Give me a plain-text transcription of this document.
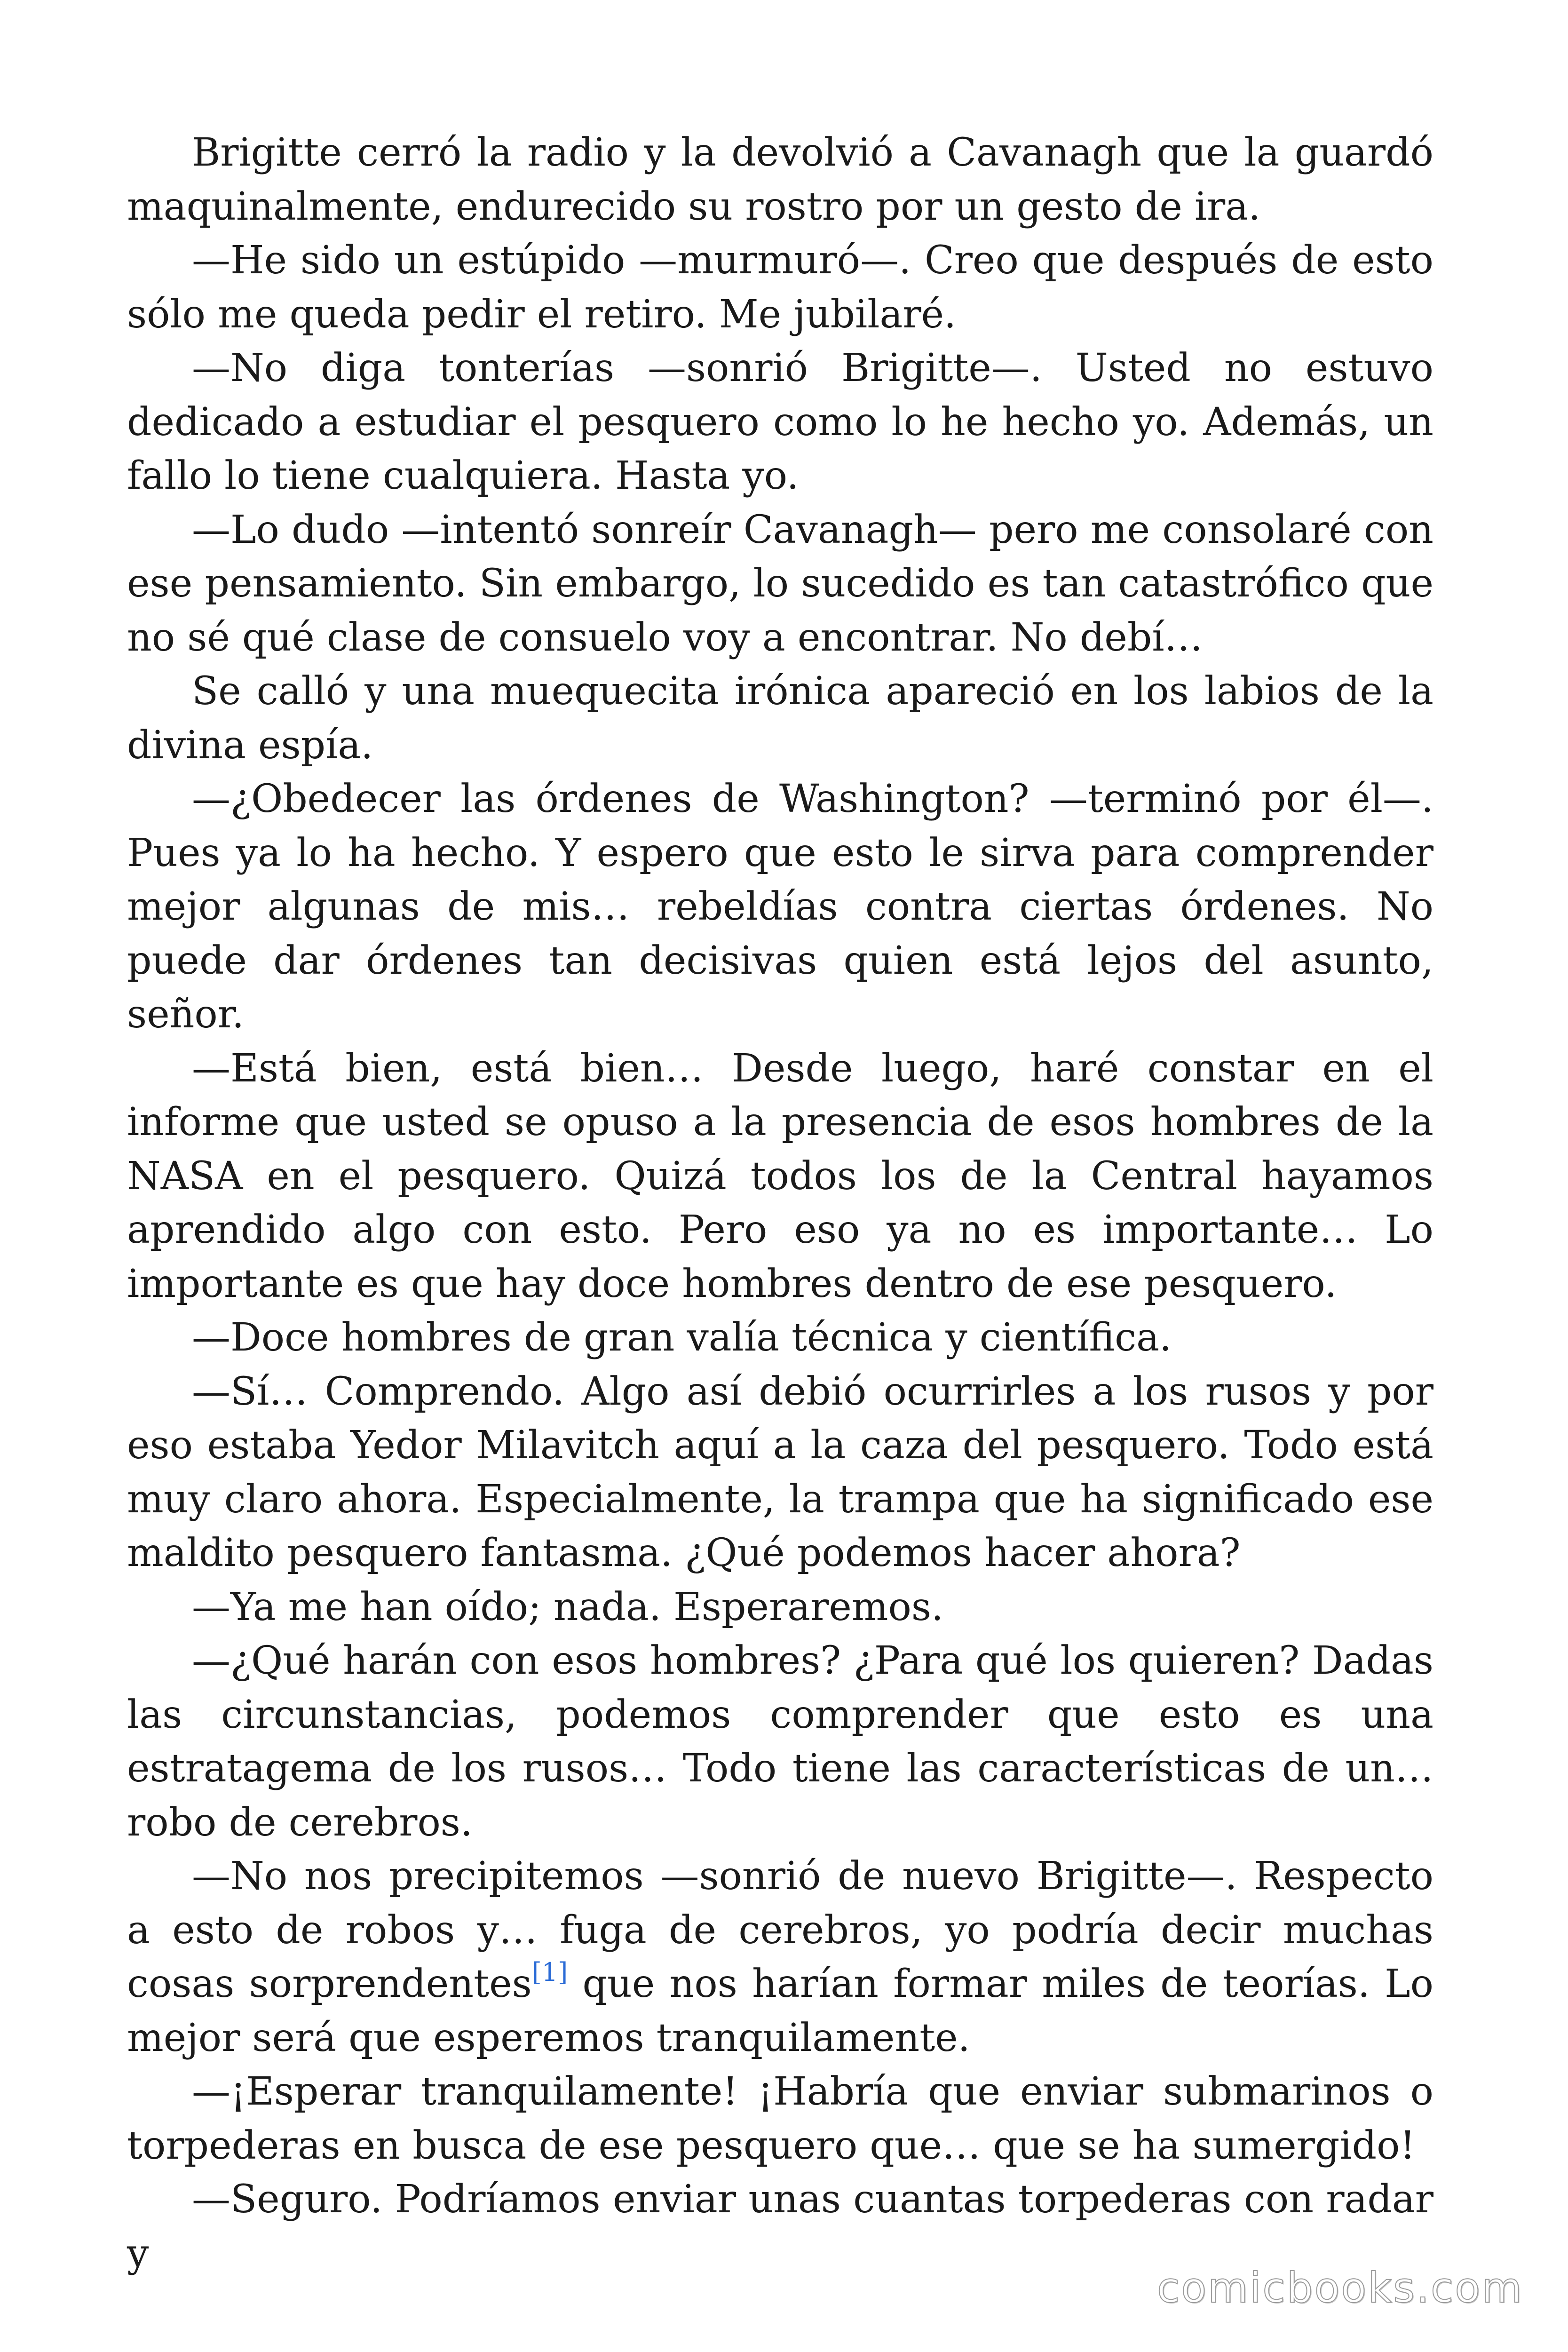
Brigitte cerró la radio y la devolvió a Cavanagh que la guardó maquinalmente, endurecido su rostro por un gesto de ira.

—He sido un estúpido —murmuró—. Creo que después de esto sólo me queda pedir el retiro. Me jubilaré.

—No diga tonterías —sonrió Brigitte—. Usted no estuvo dedicado a estudiar el pesquero como lo he hecho yo. Además, un fallo lo tiene cualquiera. Hasta yo.

—Lo dudo —intentó sonreír Cavanagh— pero me consolaré con ese pensamiento. Sin embargo, lo sucedido es tan catastrófico que no sé qué clase de consuelo voy a encontrar. No debí…

Se calló y una muequecita irónica apareció en los labios de la divina espía.

—¿Obedecer las órdenes de Washington? —terminó por él—. Pues ya lo ha hecho. Y espero que esto le sirva para comprender mejor algunas de mis… rebeldías contra ciertas órdenes. No puede dar órdenes tan decisivas quien está lejos del asunto, señor.

—Está bien, está bien… Desde luego, haré constar en el informe que usted se opuso a la presencia de esos hombres de la NASA en el pesquero. Quizá todos los de la Central hayamos aprendido algo con esto. Pero eso ya no es importante… Lo importante es que hay doce hombres dentro de ese pesquero.

—Doce hombres de gran valía técnica y científica.

—Sí… Comprendo. Algo así debió ocurrirles a los rusos y por eso estaba Yedor Milavitch aquí a la caza del pesquero. Todo está muy claro ahora. Especialmente, la trampa que ha significado ese maldito pesquero fantasma. ¿Qué podemos hacer ahora?

—Ya me han oído; nada. Esperaremos.

—¿Qué harán con esos hombres? ¿Para qué los quieren? Dadas las circunstancias, podemos comprender que esto es una estratagema de los rusos… Todo tiene las características de un… robo de cerebros.

—No nos precipitemos —sonrió de nuevo Brigitte—. Respecto a esto de robos y… fuga de cerebros, yo podría decir muchas cosas sorprendentes[1] que nos harían formar miles de teorías. Lo mejor será que esperemos tranquilamente.

—¡Esperar tranquilamente! ¡Habría que enviar submarinos o torpederas en busca de ese pesquero que… que se ha sumergido!

—Seguro. Podríamos enviar unas cuantas torpederas con radar y

comicbooks.com
